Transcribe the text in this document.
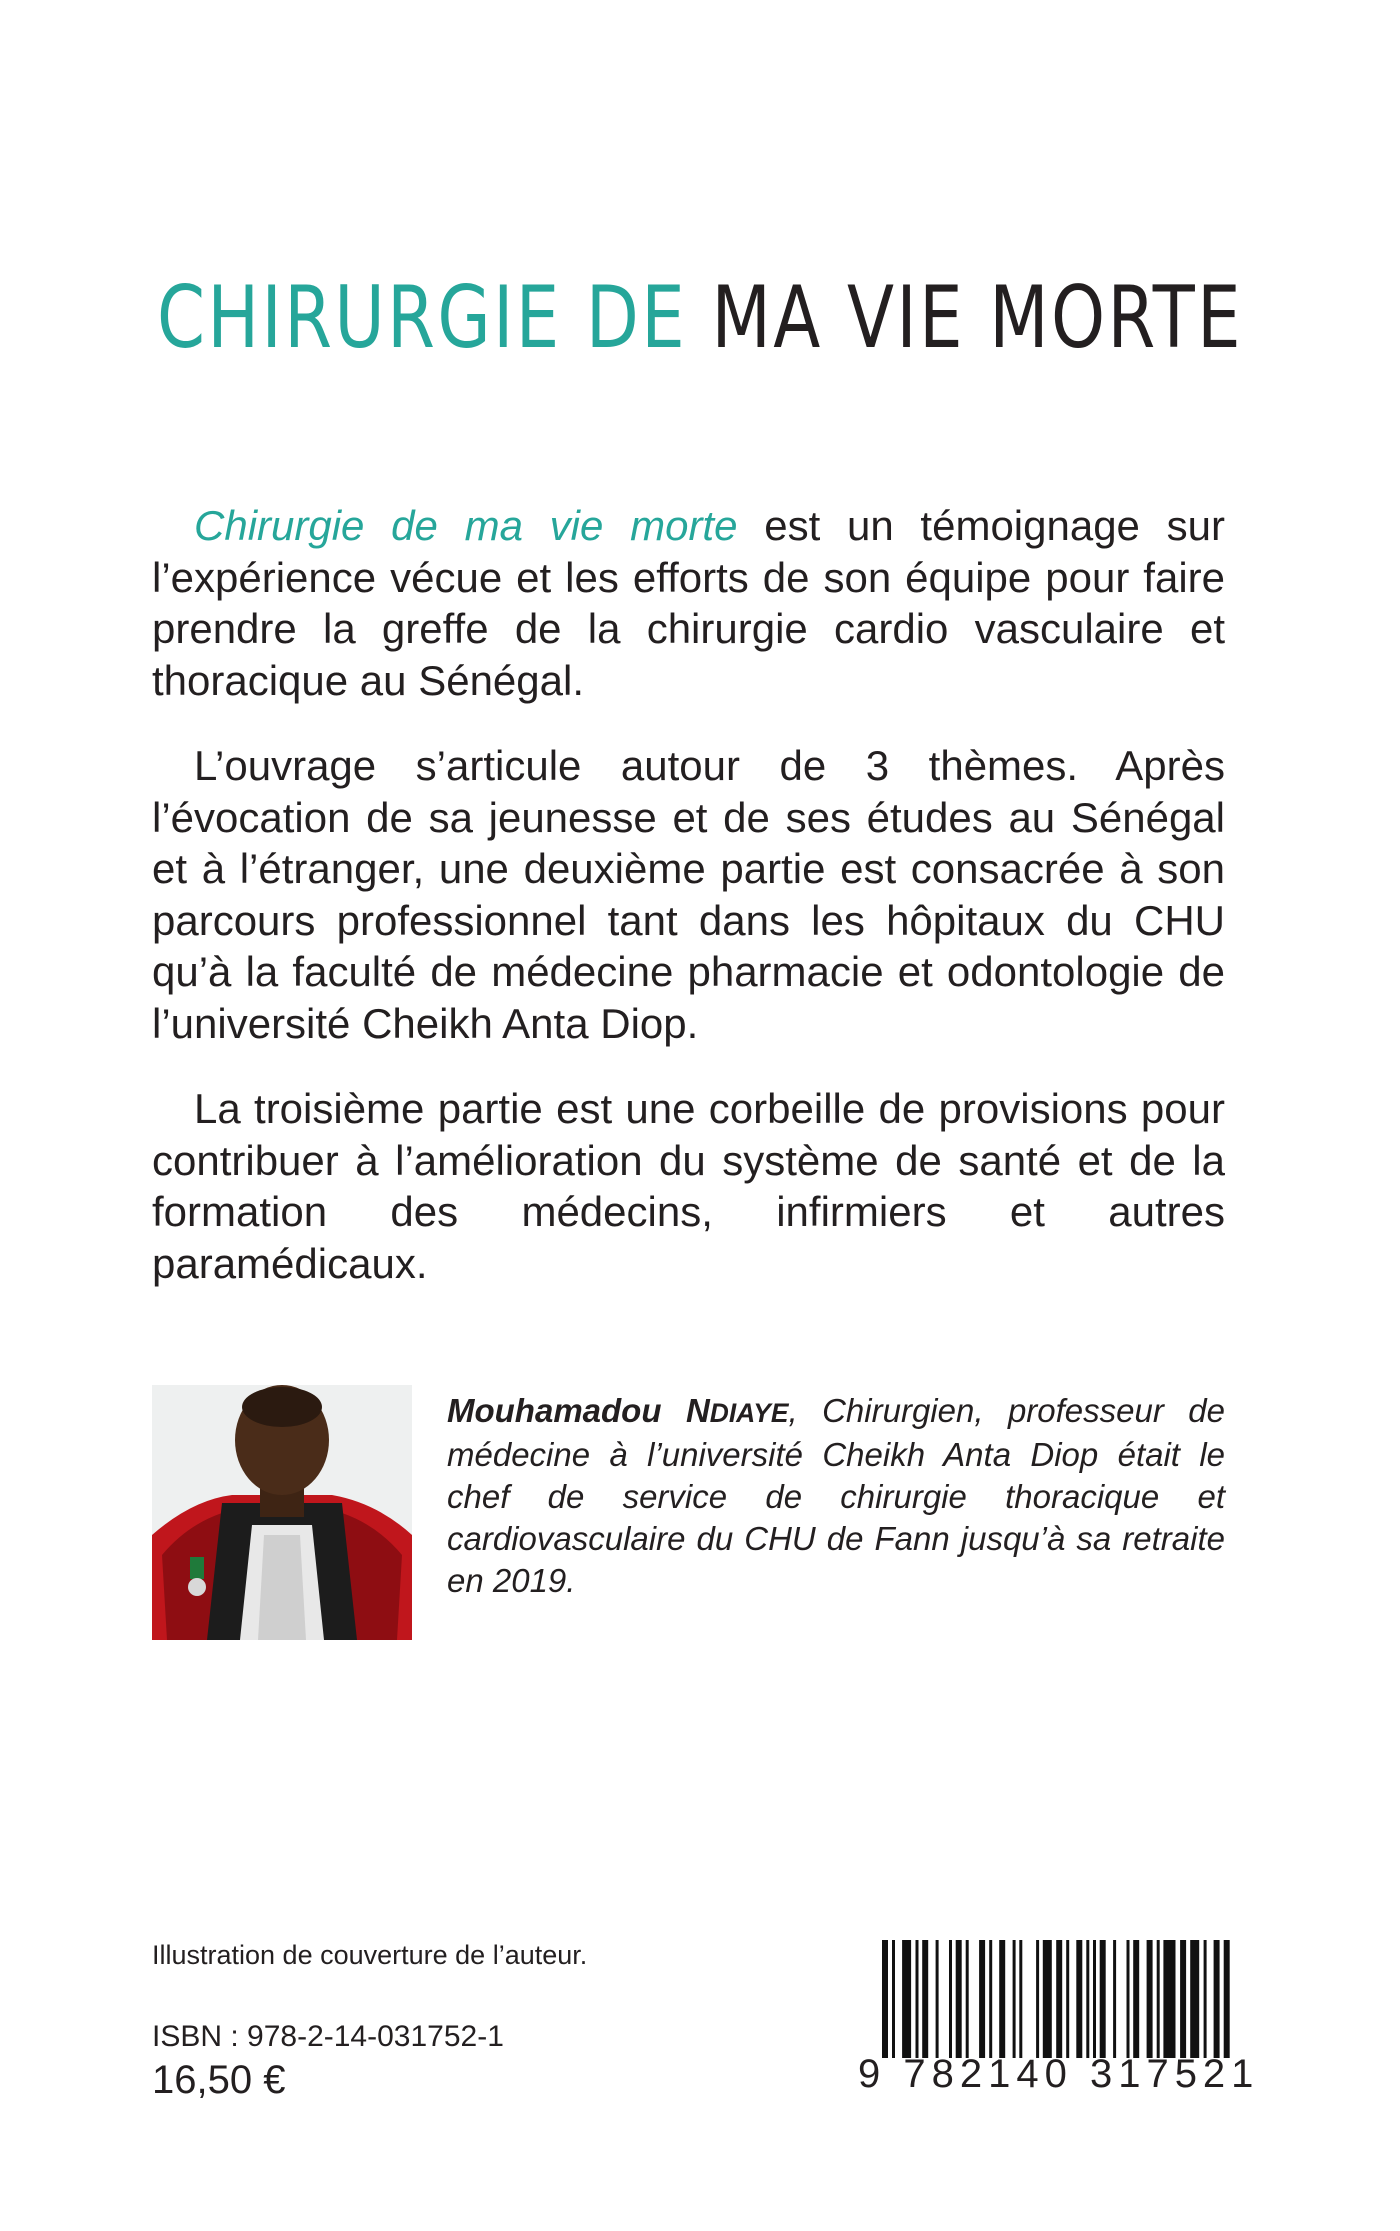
CHIRURGIE DE MA VIE MORTE

Chirurgie de ma vie morte est un témoignage sur l’expérience vécue et les efforts de son équipe pour faire prendre la greffe de la chirurgie cardio vasculaire et thoracique au Sénégal.

L’ouvrage s’articule autour de 3 thèmes. Après l’évocation de sa jeunesse et de ses études au Sénégal et à l’étranger, une deuxième partie est consacrée à son parcours professionnel tant dans les hôpitaux du CHU qu’à la faculté de médecine pharmacie et odontologie de l’université Cheikh Anta Diop.

La troisième partie est une corbeille de provisions pour contribuer à l’amélioration du système de santé et de la formation des médecins, infirmiers et autres paramédicaux.

Mouhamadou NDIAYE, Chirurgien, professeur de médecine à l’université Cheikh Anta Diop était le chef de service de chirurgie thoracique et cardiovasculaire du CHU de Fann jusqu’à sa retraite en 2019.
Illustration de couverture de l’auteur.
ISBN : 978-2-14-031752-1
16,50 €	9 782140 317521
